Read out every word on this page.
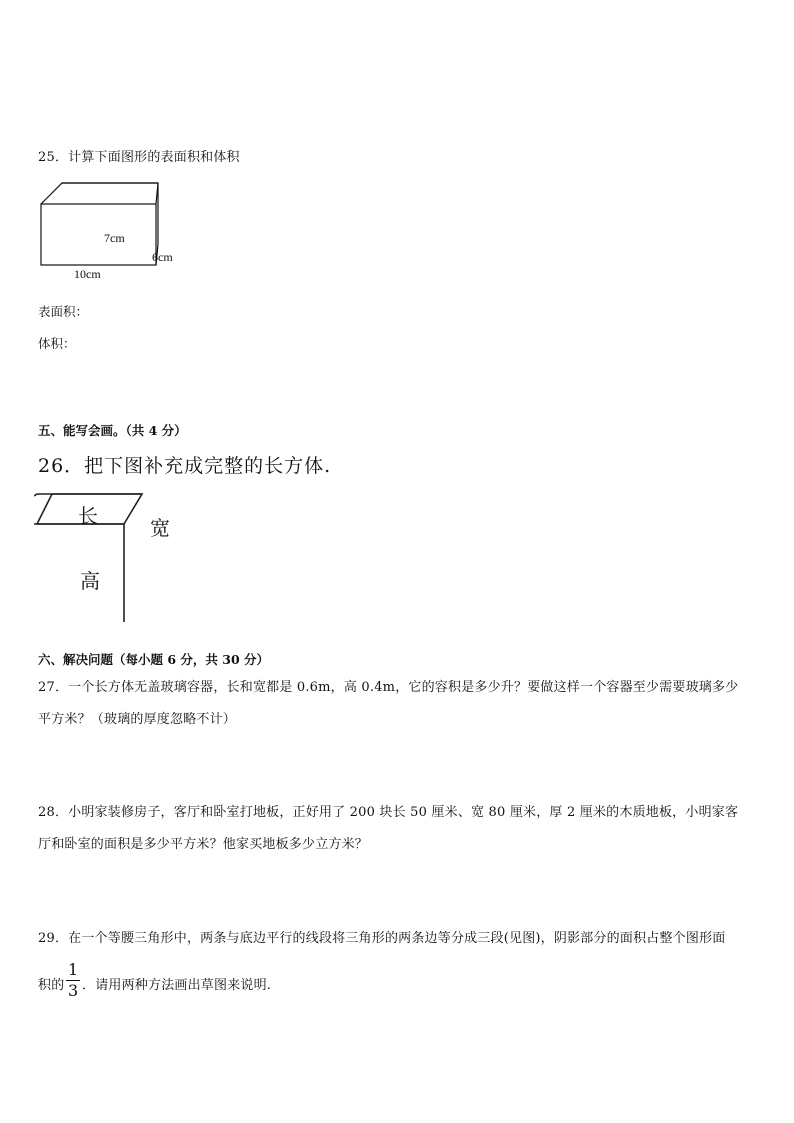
25．计算下面图形的表面积和体积
7cm
6cm
10cm
表面积：
体积：
五、能写会画。（共 4 分）
26．把下图补充成完整的长方体.
长	宽
高
六、解决问题（每小题 6 分，共 30 分）
27．一个长方体无盖玻璃容器，长和宽都是 0.6m，高 0.4m，它的容积是多少升？要做这样一个容器至少需要玻璃多少
平方米？（玻璃的厚度忽略不计）
28．小明家装修房子，客厅和卧室打地板，正好用了 200 块长 50 厘米、宽 80 厘米，厚 2 厘米的木质地板，小明家客
厅和卧室的面积是多少平方米？他家买地板多少立方米？
29．在一个等腰三角形中，两条与底边平行的线段将三角形的两条边等分成三段(见图)，阴影部分的面积占整个图形面
积的
1
3 ．请用两种方法画出草图来说明.
